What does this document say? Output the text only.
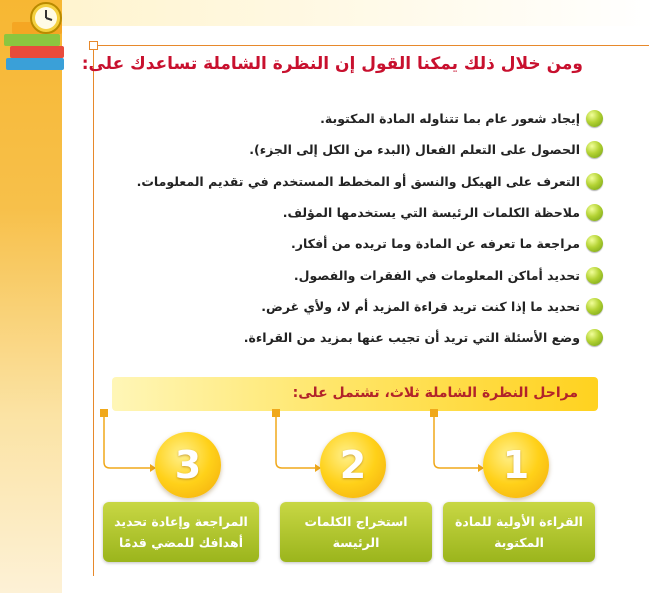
ومن خلال ذلك يمكنا القول إن النظرة الشاملة تساعدك على:
إيجاد شعور عام بما تتناوله المادة المكتوبة.
الحصول على التعلم الفعال (البدء من الكل إلى الجزء).
التعرف على الهيكل والنسق أو المخطط المستخدم في تقديم المعلومات.
ملاحظة الكلمات الرئيسة التي يستخدمها المؤلف.
مراجعة ما تعرفه عن المادة وما تريده من أفكار.
تحديد أماكن المعلومات في الفقرات والفصول.
تحديد ما إذا كنت تريد قراءة المزيد أم لا، ولأي غرض.
وضع الأسئلة التي تريد أن تجيب عنها بمزيد من القراءة.
مراحل النظرة الشاملة ثلاث، تشتمل على:
1
2
3
القراءة الأولية للمادة المكتوبة
استخراج الكلمات الرئيسة
المراجعة وإعادة تحديد أهدافك للمضي قدمًا
